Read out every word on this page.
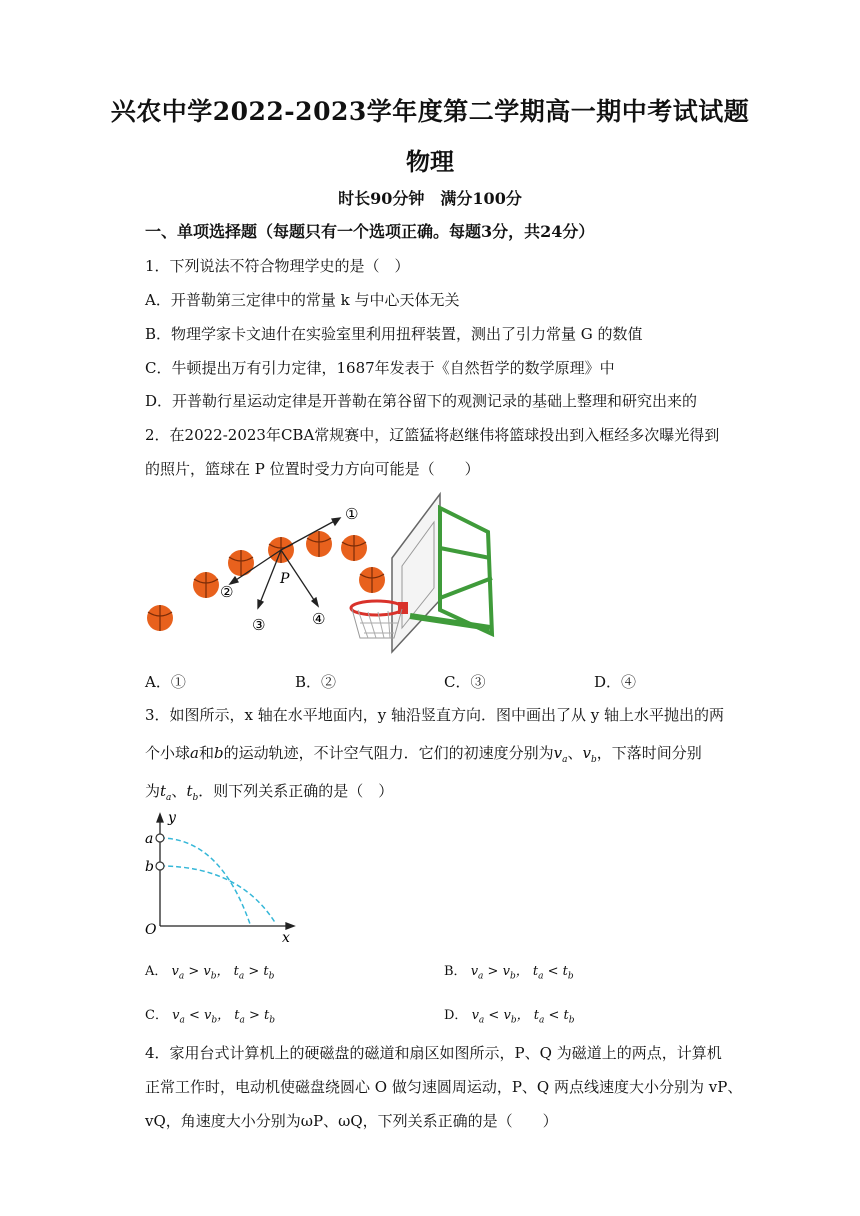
兴农中学2022-2023学年度第二学期高一期中考试试题
物理
时长90分钟　满分100分
一、单项选择题（每题只有一个选项正确。每题3分，共24分）
1．下列说法不符合物理学史的是（　）
A．开普勒第三定律中的常量 k 与中心天体无关
B．物理学家卡文迪什在实验室里利用扭秤装置，测出了引力常量 G 的数值
C．牛顿提出万有引力定律，1687年发表于《自然哲学的数学原理》中
D．开普勒行星运动定律是开普勒在第谷留下的观测记录的基础上整理和研究出来的
2．在2022-2023年CBA常规赛中，辽篮猛将赵继伟将篮球投出到入框经多次曝光得到
的照片，篮球在 P 位置时受力方向可能是（　　）
P
①
②
③	④
A．①	B．②	C．③	D．④
3．如图所示，x 轴在水平地面内，y 轴沿竖直方向．图中画出了从 y 轴上水平抛出的两
个小球a和b的运动轨迹，不计空气阻力．它们的初速度分别为$v_a$、$v_b$，下落时间分别
为$t_a$、$t_b$．则下列关系正确的是（　）
y
x
O
a
b
A． $v_a > v_b$， $t_a > t_b$	B． $v_a > v_b$， $t_a < t_b$
C． $v_a < v_b$， $t_a > t_b$	D． $v_a < v_b$， $t_a < t_b$
4．家用台式计算机上的硬磁盘的磁道和扇区如图所示，P、Q 为磁道上的两点，计算机
正常工作时，电动机使磁盘绕圆心 O 做匀速圆周运动，P、Q 两点线速度大小分别为 vP、
vQ，角速度大小分别为ωP、ωQ，下列关系正确的是（　　）
